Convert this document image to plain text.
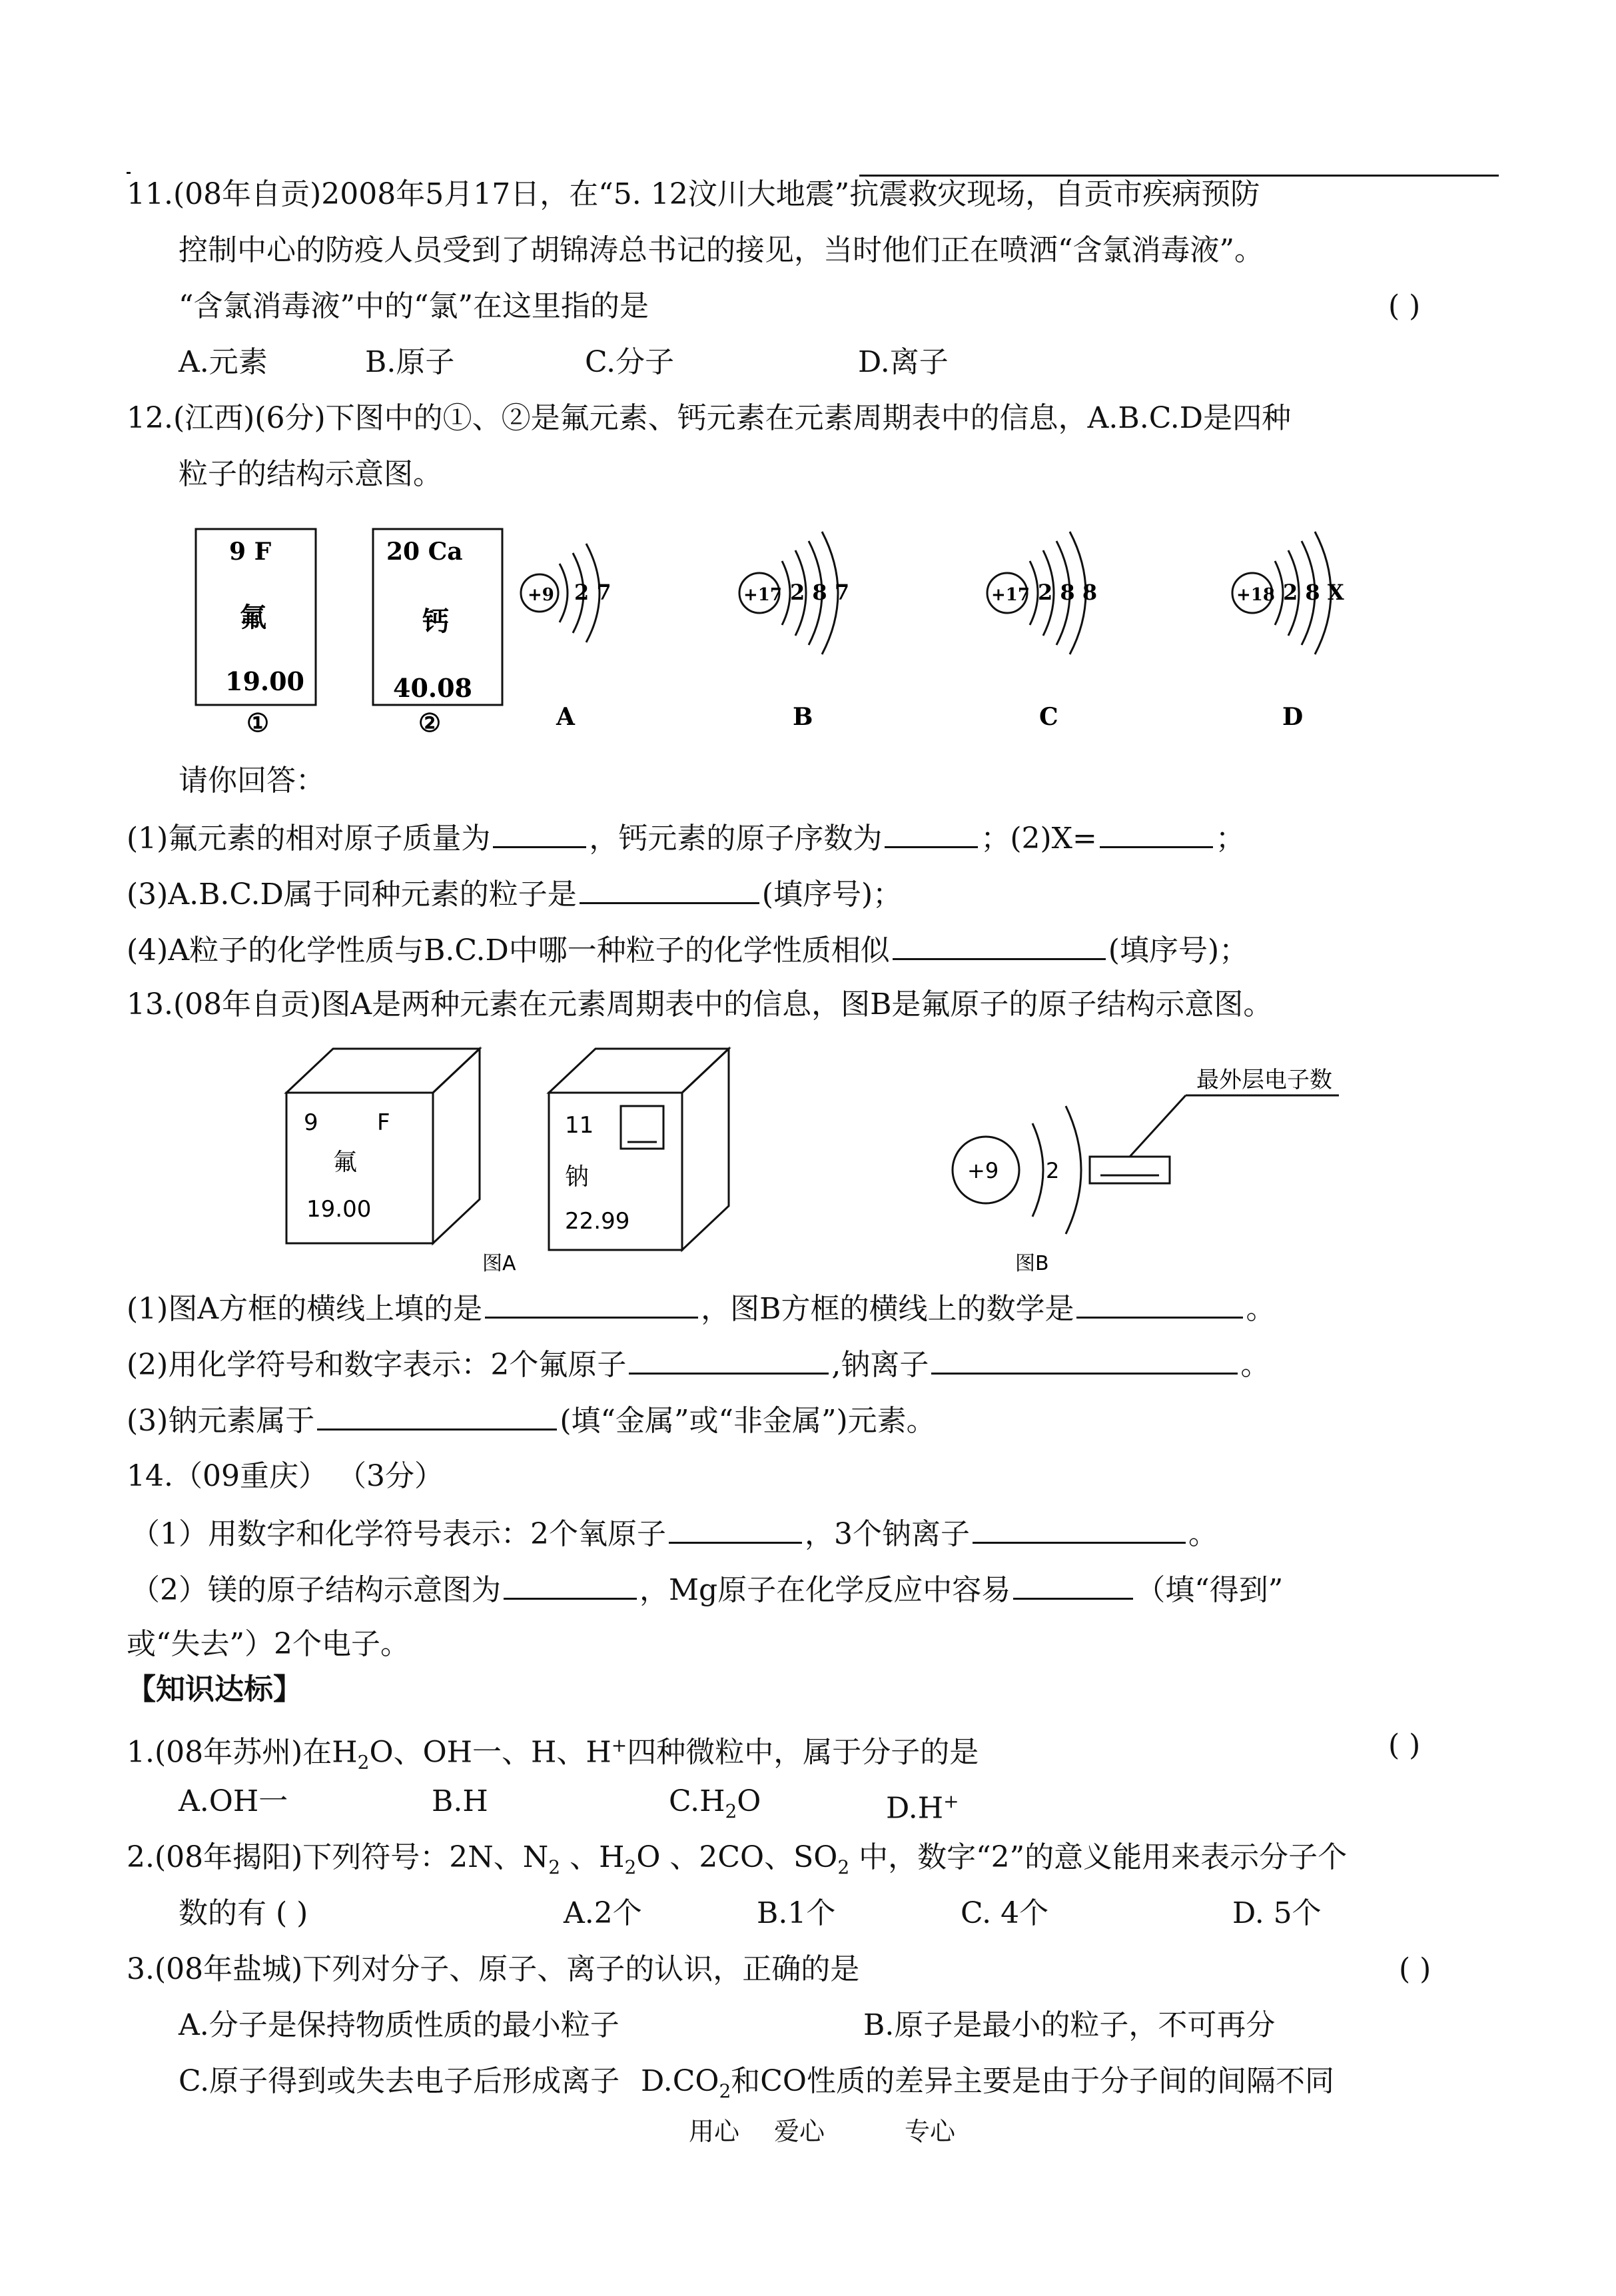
11.(08年自贡)2008年5月17日，在“5. 12汶川大地震”抗震救灾现场，自贡市疾病预防
控制中心的防疫人员受到了胡锦涛总书记的接见，当时他们正在喷洒“含氯消毒液”。
“含氯消毒液”中的“氯”在这里指的是	( )
A.元素	B.原子	C.分子	D.离子
12.(江西)(6分)下图中的①、②是氟元素、钙元素在元素周期表中的信息，A.B.C.D是四种
粒子的结构示意图。
9 F
氟
19.00
①
20 Ca
钙
40.08
②
+9 2 7
A
+17 2 8 7
B
+17 2 8 8
C
+18 2 8 X
D
请你回答：
(1)氟元素的相对原子质量为	，钙元素的原子序数为	；(2)X=	；
(3)A.B.C.D属于同种元素的粒子是	(填序号)；
(4)A粒子的化学性质与B.C.D中哪一种粒子的化学性质相似	(填序号)；
13.(08年自贡)图A是两种元素在元素周期表中的信息，图B是氟原子的原子结构示意图。
9	F
氟
19.00
11
钠
22.99
图A
+9 2
最外层电子数
图B
(1)图A方框的横线上填的是	，图B方框的横线上的数学是	。
(2)用化学符号和数字表示：2个氟原子	,钠离子	。
(3)钠元素属于	(填“金属”或“非金属”)元素。
14.（09重庆） （3分）
（1）用数字和化学符号表示：2个氧原子	，3个钠离子	。
（2）镁的原子结构示意图为	，Mg原子在化学反应中容易	（填“得到”
或“失去”）2个电子。
【知识达标】
1.(08年苏州)在$H_2O$、OH一、H、H+四种微粒中，属于分子的是	( )
A.OH一	B.H	$C.H_2O$	D.H+
2.(08年揭阳)下列符号：2N、$N_2$ 、$H_2O$ 、2CO、$SO_2$ 中，数字“2”的意义能用来表示分子个
数的有 ( )	A.2个	B.1个	C. 4个	D. 5个
3.(08年盐城)下列对分子、原子、离子的认识，正确的是	( )
A.分子是保持物质性质的最小粒子	B.原子是最小的粒子，不可再分
C.原子得到或失去电子后形成离子 $D.CO_2$和CO性质的差异主要是由于分子间的间隔不同
用心 爱心	专心
